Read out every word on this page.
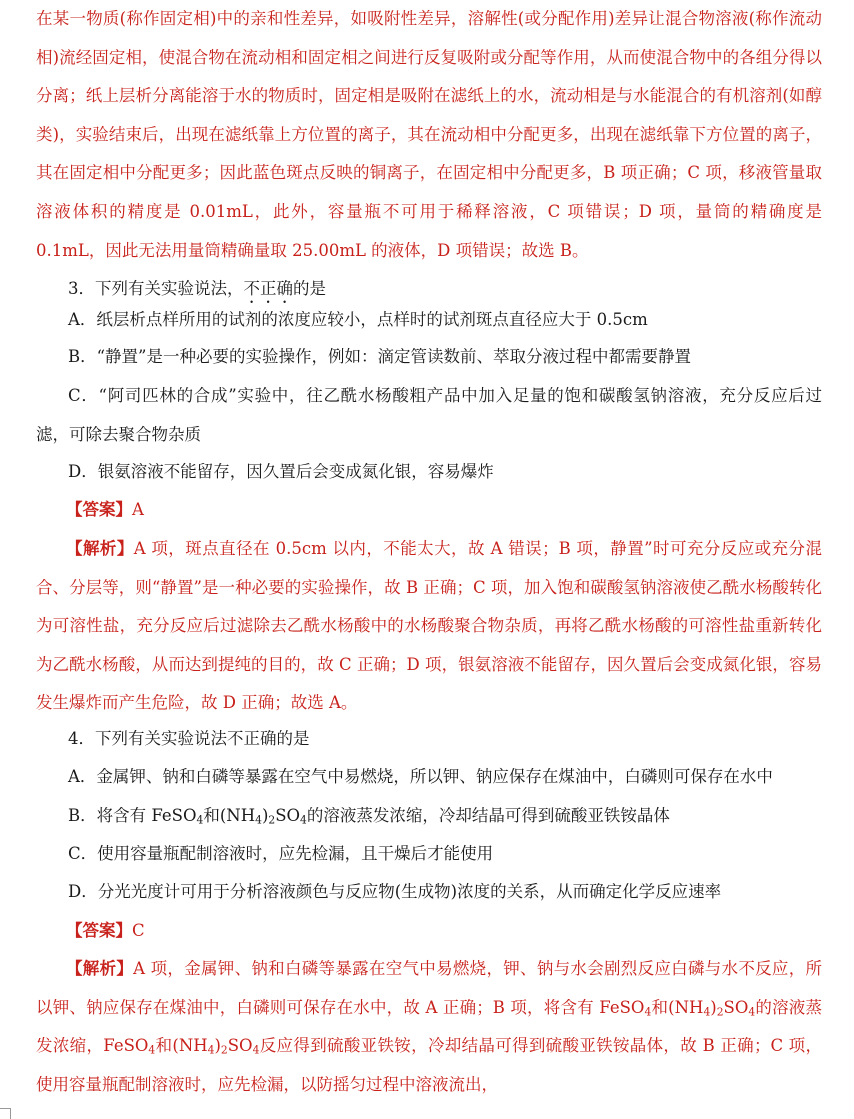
在某一物质(称作固定相)中的亲和性差异，如吸附性差异，溶解性(或分配作用)差异让混合物溶液(称作流动相)流经固定相，使混合物在流动相和固定相之间进行反复吸附或分配等作用，从而使混合物中的各组分得以分离；纸上层析分离能溶于水的物质时，固定相是吸附在滤纸上的水，流动相是与水能混合的有机溶剂(如醇类)，实验结束后，出现在滤纸靠上方位置的离子，其在流动相中分配更多，出现在滤纸靠下方位置的离子，其在固定相中分配更多；因此蓝色斑点反映的铜离子，在固定相中分配更多，B 项正确；C 项，移液管量取溶液体积的精度是 0.01mL，此外，容量瓶不可用于稀释溶液，C 项错误；D 项，量筒的精确度是 0.1mL，因此无法用量筒精确量取 25.00mL 的液体，D 项错误；故选 B。

3．下列有关实验说法，不正确的是

A．纸层析点样所用的试剂的浓度应较小，点样时的试剂斑点直径应大于 0.5cm

B．“静置”是一种必要的实验操作，例如：滴定管读数前、萃取分液过程中都需要静置

C．“阿司匹林的合成”实验中，往乙酰水杨酸粗产品中加入足量的饱和碳酸氢钠溶液，充分反应后过滤，可除去聚合物杂质

D．银氨溶液不能留存，因久置后会变成氮化银，容易爆炸

【答案】A

【解析】A 项，斑点直径在 0.5cm 以内，不能太大，故 A 错误；B 项，静置”时可充分反应或充分混合、分层等，则“静置”是一种必要的实验操作，故 B 正确；C 项，加入饱和碳酸氢钠溶液使乙酰水杨酸转化为可溶性盐，充分反应后过滤除去乙酰水杨酸中的水杨酸聚合物杂质，再将乙酰水杨酸的可溶性盐重新转化为乙酰水杨酸，从而达到提纯的目的，故 C 正确；D 项，银氨溶液不能留存，因久置后会变成氮化银，容易发生爆炸而产生危险，故 D 正确；故选 A。

4．下列有关实验说法不正确的是

A．金属钾、钠和白磷等暴露在空气中易燃烧，所以钾、钠应保存在煤油中，白磷则可保存在水中

B．将含有 FeSO$_4$和$(NH_4)_2SO_4$的溶液蒸发浓缩，冷却结晶可得到硫酸亚铁铵晶体

C．使用容量瓶配制溶液时，应先检漏，且干燥后才能使用

D．分光光度计可用于分析溶液颜色与反应物(生成物)浓度的关系，从而确定化学反应速率

【答案】C

【解析】A 项，金属钾、钠和白磷等暴露在空气中易燃烧，钾、钠与水会剧烈反应白磷与水不反应，所以钾、钠应保存在煤油中，白磷则可保存在水中，故 A 正确；B 项，将含有 FeSO$_4$和$(NH_4)_2SO_4$的溶液蒸发浓缩，FeSO$_4$和$(NH_4)_2SO_4$反应得到硫酸亚铁铵，冷却结晶可得到硫酸亚铁铵晶体，故 B 正确；C 项，使用容量瓶配制溶液时，应先检漏，以防摇匀过程中溶液流出，
